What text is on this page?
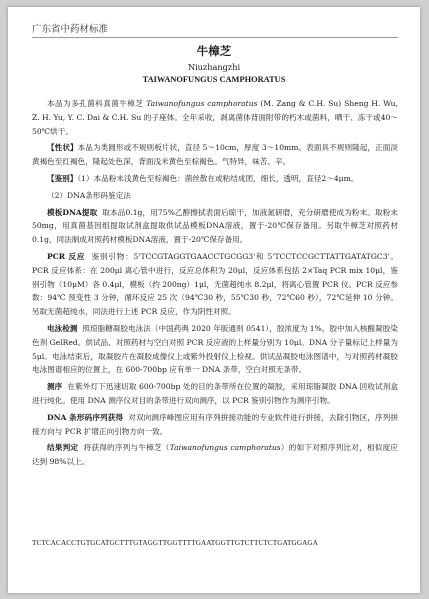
广东省中药材标准
牛樟芝
Niuzhangzhi
TAIWANOFUNGUS CAMPHORATUS

本品为多孔菌科真菌牛樟芝 Taiwanofungus camphoratus (M. Zang & C.H. Su) Sheng H. Wu, Z. H. Yu, Y. C. Dai & C.H. Su 的子座体。全年采收，剥离菌体背面附带的朽木或菌料，晒干、冻干或40～50℃烘干。

【性状】本品为类圆形或不规则板片状，直径 5～10cm，厚度 3～10mm。表面具不规则隆起，正面淡黄褐色至红褐色，隆起处色深，背面浅米黄色至棕褐色。气特异，味苦、辛。

【鉴别】（1）本品粉末浅黄色至棕褐色：菌丝散在或粘结成团，细长，透明，直径2～4μm。

（2）DNA条形码鉴定法

模板DNA提取 取本品0.1g，用75%乙醇擦拭表面后晾干，加液氮研磨，充分研磨使成为粉末。取粉末50mg，用真菌基因组提取试剂盒提取供试品模板DNA溶液，置于-20℃保存备用。另取牛樟芝对照药材0.1g，同法制成对照药材模板DNA溶液，置于-20℃保存备用。

PCR 反应 鉴别引物：5'TCCGTAGGTGAACCTGCGG3'和 5'TCCTCCGCTTATTGATATGC3'。PCR 反应体系：在 200μl 离心管中进行，反应总体积为 20μl，反应体系包括 2×Taq PCR mix 10μl，鉴别引物（10μM）各 0.4μl，模板（约 200ng）1μl，无菌超纯水 8.2μl，将离心管置 PCR 仪。PCR 反应参数：94℃ 预变性 3 分钟，循环反应 25 次（94℃30 秒，55℃30 秒，72℃60 秒），72℃延伸 10 分钟。另取无菌超纯水，同法进行上述 PCR 反应，作为阴性对照。

电泳检测 照琼脂糖凝胶电泳法（中国药典 2020 年版通则 0541），胶浓度为 1%，胶中加入核酸凝胶染色剂 GelRed。供试品、对照药材与空白对照 PCR 反应液的上样量分别为 10μl。DNA 分子量标记上样量为 5μl。电泳结束后，取凝胶片在凝胶成像仪上或紫外投射仪上检视。供试品凝胶电泳图谱中，与对照药材凝胶电泳图谱相应的位置上，在 600-700bp 应有单一 DNA 条带，空白对照无条带。

测序 在紫外灯下迅速切取 600-700bp 处的目的条带所在位置的凝胶，采用琼脂凝胶 DNA 回收试剂盒进行纯化。使用 DNA 测序仪对目的条带进行双向测序，以 PCR 鉴别引物作为测序引物。

DNA 条形码序列获得 对双向测序峰图应用有序列拼接功能的专业软件进行拼接，去除引物区，序列拼接方向与 PCR 扩增正向引物方向一致。

结果判定 将获得的序列与牛樟芝（Taiwanofungus camphoratus）的如下对照序列比对，相似度应达到 98%以上。

TCTCACACCTGTGCATGCTTTGTAGGTTGGTTTTGAATGGTTGTCTTCTCTGATGGAGA
